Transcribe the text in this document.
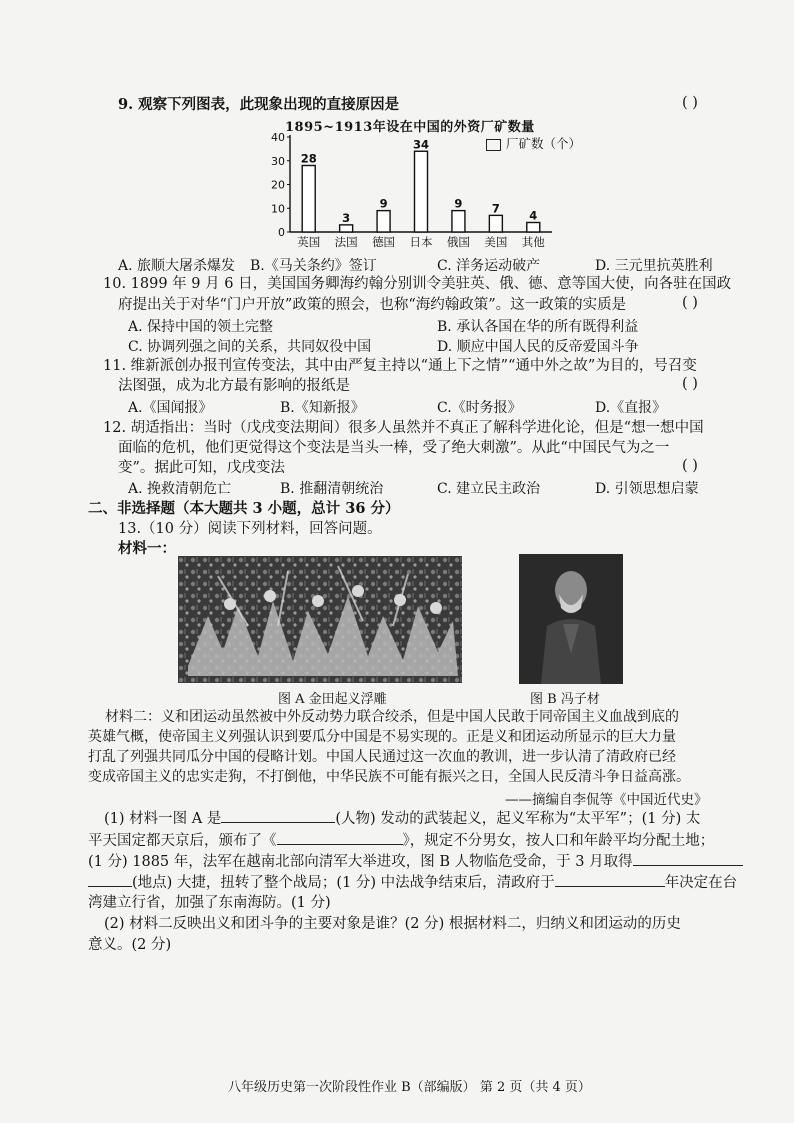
9. 观察下列图表，此现象出现的直接原因是	( )
1895~1913年设在中国的外资厂矿数量
0
10
20
30
40
28
英国
3
法国
9
德国
34
日本
9
俄国
7
美国
4
其他
厂矿数（个）
A. 旅顺大屠杀爆发 B.《马关条约》签订	C. 洋务运动破产	D. 三元里抗英胜利
10. 1899 年 9 月 6 日，美国国务卿海约翰分别训令美驻英、俄、德、意等国大使，向各驻在国政
府提出关于对华“门户开放”政策的照会，也称“海约翰政策”。这一政策的实质是	( )
A. 保持中国的领土完整	B. 承认各国在华的所有既得利益
C. 协调列强之间的关系，共同奴役中国	D. 顺应中国人民的反帝爱国斗争
11. 维新派创办报刊宣传变法，其中由严复主持以“通上下之情”“通中外之故”为目的，号召变
法图强，成为北方最有影响的报纸是	( )
A.《国闻报》	B.《知新报》	C.《时务报》	D.《直报》
12. 胡适指出：当时（戊戌变法期间）很多人虽然并不真正了解科学进化论，但是“想一想中国
面临的危机，他们更觉得这个变法是当头一棒，受了绝大刺激”。从此“中国民气为之一
变”。据此可知，戊戌变法	( )
A. 挽救清朝危亡	B. 推翻清朝统治	C. 建立民主政治	D. 引领思想启蒙
二、非选择题（本大题共 3 小题，总计 36 分）
13.（10 分）阅读下列材料，回答问题。
材料一：
图 A 金田起义浮雕	图 B 冯子材
材料二：义和团运动虽然被中外反动势力联合绞杀，但是中国人民敢于同帝国主义血战到底的
英雄气概，使帝国主义列强认识到要瓜分中国是不易实现的。正是义和团运动所显示的巨大力量
打乱了列强共同瓜分中国的侵略计划。中国人民通过这一次血的教训，进一步认清了清政府已经
变成帝国主义的忠实走狗，不打倒他，中华民族不可能有振兴之日，全国人民反清斗争日益高涨。
——摘编自李侃等《中国近代史》
(1) 材料一图 A 是	(人物) 发动的武装起义，起义军称为“太平军”；(1 分) 太
平天国定都天京后，颁布了《	》，规定不分男女，按人口和年龄平均分配土地；
(1 分) 1885 年，法军在越南北部向清军大举进攻，图 B 人物临危受命，于 3 月取得
(地点) 大捷，扭转了整个战局；(1 分) 中法战争结束后，清政府于	年决定在台
湾建立行省，加强了东南海防。(1 分)
(2) 材料二反映出义和团斗争的主要对象是谁？(2 分) 根据材料二，归纳义和团运动的历史
意义。(2 分)
八年级历史第一次阶段性作业 B（部编版） 第 2 页（共 4 页）
